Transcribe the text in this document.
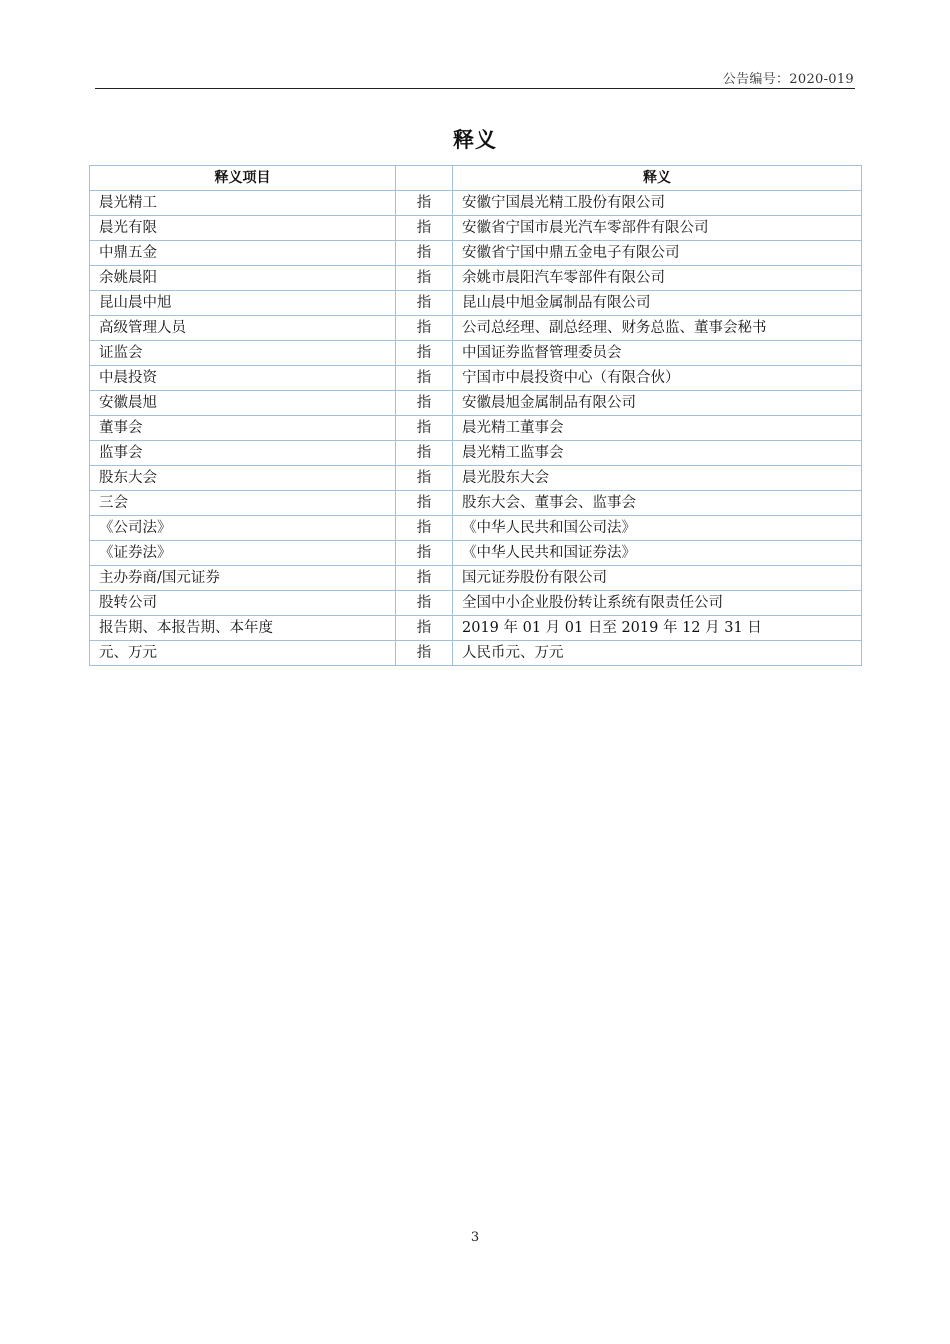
公告编号：2020-019
释义
释义项目		释义
晨光精工	指	安徽宁国晨光精工股份有限公司
晨光有限	指	安徽省宁国市晨光汽车零部件有限公司
中鼎五金	指	安徽省宁国中鼎五金电子有限公司
余姚晨阳	指	余姚市晨阳汽车零部件有限公司
昆山晨中旭	指	昆山晨中旭金属制品有限公司
高级管理人员	指	公司总经理、副总经理、财务总监、董事会秘书
证监会	指	中国证券监督管理委员会
中晨投资	指	宁国市中晨投资中心（有限合伙）
安徽晨旭	指	安徽晨旭金属制品有限公司
董事会	指	晨光精工董事会
监事会	指	晨光精工监事会
股东大会	指	晨光股东大会
三会	指	股东大会、董事会、监事会
《公司法》	指	《中华人民共和国公司法》
《证券法》	指	《中华人民共和国证券法》
主办券商/国元证券	指	国元证券股份有限公司
股转公司	指	全国中小企业股份转让系统有限责任公司
报告期、本报告期、本年度	指	2019 年 01 月 01 日至 2019 年 12 月 31 日
元、万元	指	人民币元、万元
3
